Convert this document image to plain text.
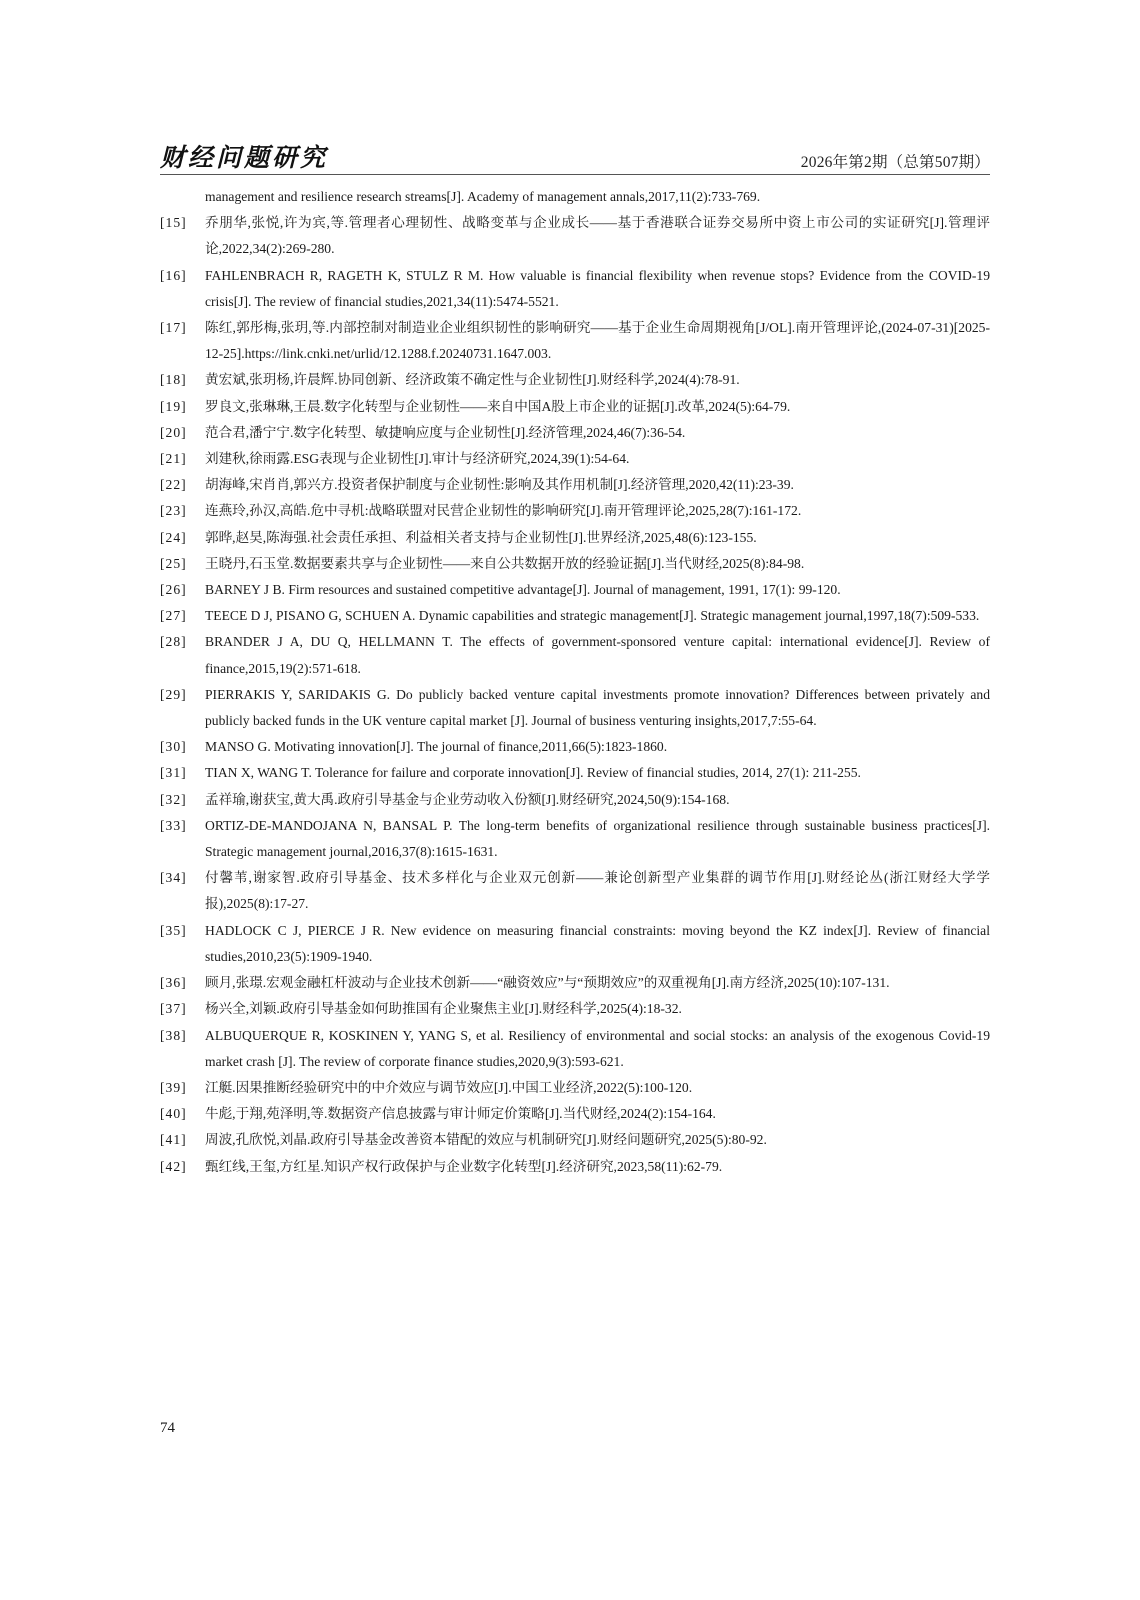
财经问题研究	2026年第2期（总第507期）
management and resilience research streams[J]. Academy of management annals,2017,11(2):733-769.
[15] 乔朋华,张悦,许为宾,等.管理者心理韧性、战略变革与企业成长——基于香港联合证券交易所中资上市公司的实证研究[J].管理评论,2022,34(2):269-280.
[16] FAHLENBRACH R, RAGETH K, STULZ R M. How valuable is financial flexibility when revenue stops? Evidence from the COVID-19 crisis[J]. The review of financial studies,2021,34(11):5474-5521.
[17] 陈红,郭彤梅,张玥,等.内部控制对制造业企业组织韧性的影响研究——基于企业生命周期视角[J/OL].南开管理评论,(2024-07-31)[2025-12-25].https://link.cnki.net/urlid/12.1288.f.20240731.1647.003.
[18] 黄宏斌,张玥杨,许晨辉.协同创新、经济政策不确定性与企业韧性[J].财经科学,2024(4):78-91.
[19] 罗良文,张琳琳,王晨.数字化转型与企业韧性——来自中国A股上市企业的证据[J].改革,2024(5):64-79.
[20] 范合君,潘宁宁.数字化转型、敏捷响应度与企业韧性[J].经济管理,2024,46(7):36-54.
[21] 刘建秋,徐雨露.ESG表现与企业韧性[J].审计与经济研究,2024,39(1):54-64.
[22] 胡海峰,宋肖肖,郭兴方.投资者保护制度与企业韧性:影响及其作用机制[J].经济管理,2020,42(11):23-39.
[23] 连燕玲,孙汉,高皓.危中寻机:战略联盟对民营企业韧性的影响研究[J].南开管理评论,2025,28(7):161-172.
[24] 郭晔,赵昊,陈海强.社会责任承担、利益相关者支持与企业韧性[J].世界经济,2025,48(6):123-155.
[25] 王晓丹,石玉堂.数据要素共享与企业韧性——来自公共数据开放的经验证据[J].当代财经,2025(8):84-98.
[26] BARNEY J B. Firm resources and sustained competitive advantage[J]. Journal of management, 1991, 17(1): 99-120.
[27] TEECE D J, PISANO G, SCHUEN A. Dynamic capabilities and strategic management[J]. Strategic management journal,1997,18(7):509-533.
[28] BRANDER J A, DU Q, HELLMANN T. The effects of government-sponsored venture capital: international evidence[J]. Review of finance,2015,19(2):571-618.
[29] PIERRAKIS Y, SARIDAKIS G. Do publicly backed venture capital investments promote innovation? Differences between privately and publicly backed funds in the UK venture capital market [J]. Journal of business venturing insights,2017,7:55-64.
[30] MANSO G. Motivating innovation[J]. The journal of finance,2011,66(5):1823-1860.
[31] TIAN X, WANG T. Tolerance for failure and corporate innovation[J]. Review of financial studies, 2014, 27(1): 211-255.
[32] 孟祥瑜,谢获宝,黄大禹.政府引导基金与企业劳动收入份额[J].财经研究,2024,50(9):154-168.
[33] ORTIZ-DE-MANDOJANA N, BANSAL P. The long-term benefits of organizational resilience through sustainable business practices[J]. Strategic management journal,2016,37(8):1615-1631.
[34] 付馨苇,谢家智.政府引导基金、技术多样化与企业双元创新——兼论创新型产业集群的调节作用[J].财经论丛(浙江财经大学学报),2025(8):17-27.
[35] HADLOCK C J, PIERCE J R. New evidence on measuring financial constraints: moving beyond the KZ index[J]. Review of financial studies,2010,23(5):1909-1940.
[36] 顾月,张璟.宏观金融杠杆波动与企业技术创新——“融资效应”与“预期效应”的双重视角[J].南方经济,2025(10):107-131.
[37] 杨兴全,刘颖.政府引导基金如何助推国有企业聚焦主业[J].财经科学,2025(4):18-32.
[38] ALBUQUERQUE R, KOSKINEN Y, YANG S, et al. Resiliency of environmental and social stocks: an analysis of the exogenous Covid-19 market crash [J]. The review of corporate finance studies,2020,9(3):593-621.
[39] 江艇.因果推断经验研究中的中介效应与调节效应[J].中国工业经济,2022(5):100-120.
[40] 牛彪,于翔,苑泽明,等.数据资产信息披露与审计师定价策略[J].当代财经,2024(2):154-164.
[41] 周波,孔欣悦,刘晶.政府引导基金改善资本错配的效应与机制研究[J].财经问题研究,2025(5):80-92.
[42] 甄红线,王玺,方红星.知识产权行政保护与企业数字化转型[J].经济研究,2023,58(11):62-79.
74
